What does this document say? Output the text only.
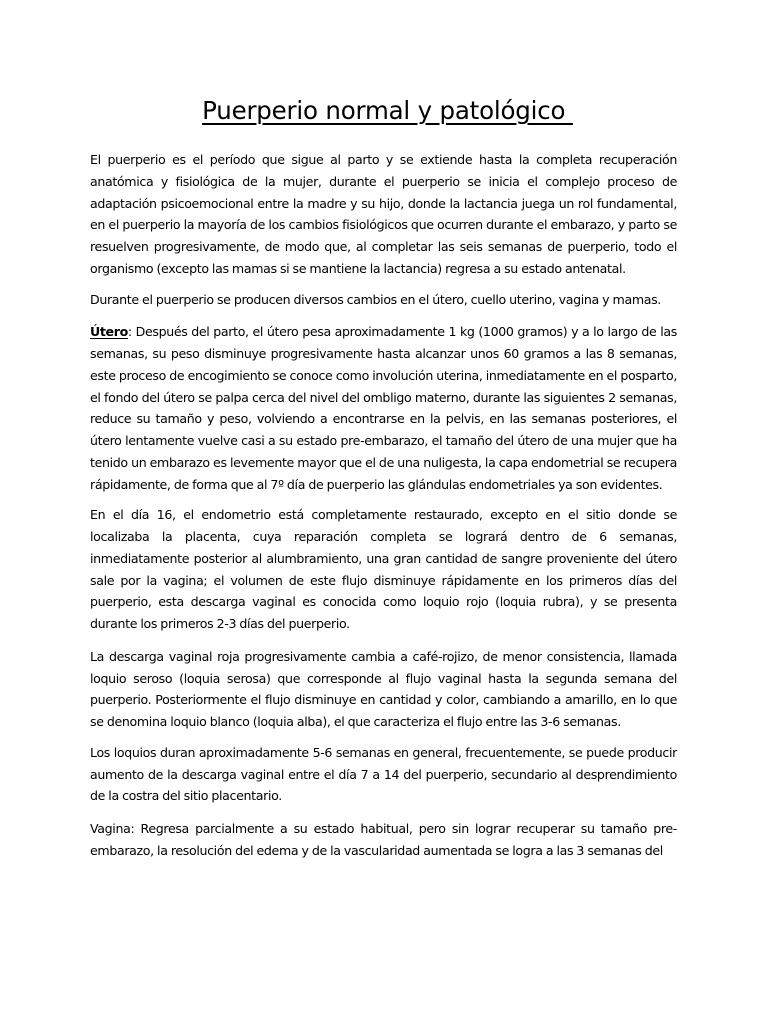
Puerperio normal y patológico

El puerperio es el período que sigue al parto y se extiende hasta la completa recuperación anatómica y fisiológica de la mujer, durante el puerperio se inicia el complejo proceso de adaptación psicoemocional entre la madre y su hijo, donde la lactancia juega un rol fundamental, en el puerperio la mayoría de los cambios fisiológicos que ocurren durante el embarazo, y parto se resuelven progresivamente, de modo que, al completar las seis semanas de puerperio, todo el organismo (excepto las mamas si se mantiene la lactancia) regresa a su estado antenatal.

Durante el puerperio se producen diversos cambios en el útero, cuello uterino, vagina y mamas.

Útero: Después del parto, el útero pesa aproximadamente 1 kg (1000 gramos) y a lo largo de las semanas, su peso disminuye progresivamente hasta alcanzar unos 60 gramos a las 8 semanas, este proceso de encogimiento se conoce como involución uterina, inmediatamente en el posparto, el fondo del útero se palpa cerca del nivel del ombligo materno, durante las siguientes 2 semanas, reduce su tamaño y peso, volviendo a encontrarse en la pelvis, en las semanas posteriores, el útero lentamente vuelve casi a su estado pre-embarazo, el tamaño del útero de una mujer que ha tenido un embarazo es levemente mayor que el de una nuligesta, la capa endometrial se recupera rápidamente, de forma que al 7º día de puerperio las glándulas endometriales ya son evidentes.

En el día 16, el endometrio está completamente restaurado, excepto en el sitio donde se localizaba la placenta, cuya reparación completa se logrará dentro de 6 semanas, inmediatamente posterior al alumbramiento, una gran cantidad de sangre proveniente del útero sale por la vagina; el volumen de este flujo disminuye rápidamente en los primeros días del puerperio, esta descarga vaginal es conocida como loquio rojo (loquia rubra), y se presenta durante los primeros 2-3 días del puerperio.

La descarga vaginal roja progresivamente cambia a café-rojizo, de menor consistencia, llamada loquio seroso (loquia serosa) que corresponde al flujo vaginal hasta la segunda semana del puerperio. Posteriormente el flujo disminuye en cantidad y color, cambiando a amarillo, en lo que se denomina loquio blanco (loquia alba), el que caracteriza el flujo entre las 3-6 semanas.

Los loquios duran aproximadamente 5-6 semanas en general, frecuentemente, se puede producir aumento de la descarga vaginal entre el día 7 a 14 del puerperio, secundario al desprendimiento de la costra del sitio placentario.

Vagina: Regresa parcialmente a su estado habitual, pero sin lograr recuperar su tamaño pre-embarazo, la resolución del edema y de la vascularidad aumentada se logra a las 3 semanas del
